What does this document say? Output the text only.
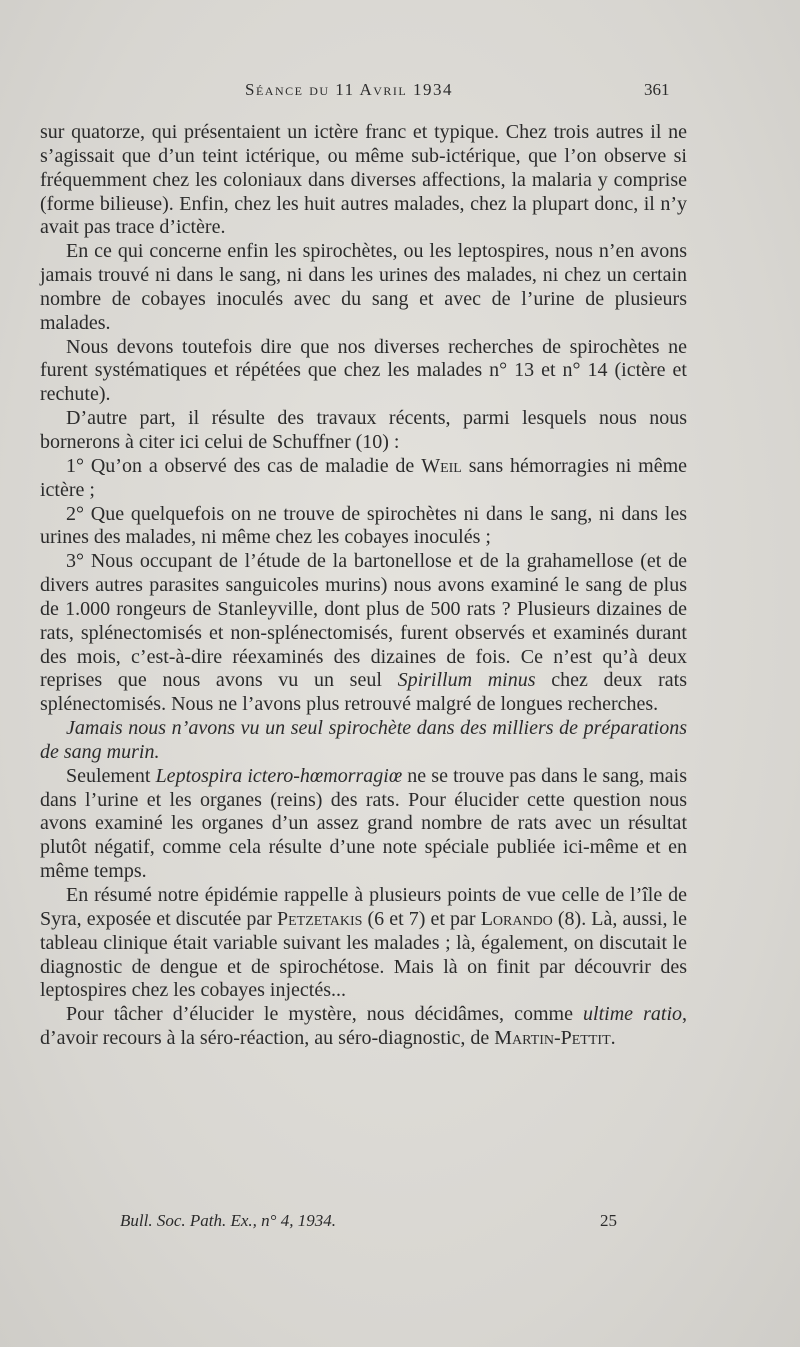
Séance du 11 Avril 1934	361

sur quatorze, qui présentaient un ictère franc et typique. Chez trois autres il ne s’agissait que d’un teint ictérique, ou même sub-ictérique, que l’on observe si fréquemment chez les coloniaux dans diverses affections, la malaria y comprise (forme bilieuse). Enfin, chez les huit autres malades, chez la plupart donc, il n’y avait pas trace d’ictère.

En ce qui concerne enfin les spirochètes, ou les leptospires, nous n’en avons jamais trouvé ni dans le sang, ni dans les urines des malades, ni chez un certain nombre de cobayes inoculés avec du sang et avec de l’urine de plusieurs malades.

Nous devons toutefois dire que nos diverses recherches de spirochètes ne furent systématiques et répétées que chez les malades n° 13 et n° 14 (ictère et rechute).

D’autre part, il résulte des travaux récents, parmi lesquels nous nous bornerons à citer ici celui de Schuffner (10) :

1° Qu’on a observé des cas de maladie de Weil sans hémorragies ni même ictère ;

2° Que quelquefois on ne trouve de spirochètes ni dans le sang, ni dans les urines des malades, ni même chez les cobayes inoculés ;

3° Nous occupant de l’étude de la bartonellose et de la grahamellose (et de divers autres parasites sanguicoles murins) nous avons examiné le sang de plus de 1.000 rongeurs de Stanleyville, dont plus de 500 rats ? Plusieurs dizaines de rats, splénectomisés et non-splénectomisés, furent observés et examinés durant des mois, c’est-à-dire réexaminés des dizaines de fois. Ce n’est qu’à deux reprises que nous avons vu un seul Spirillum minus chez deux rats splénectomisés. Nous ne l’avons plus retrouvé malgré de longues recherches.

Jamais nous n’avons vu un seul spirochète dans des milliers de préparations de sang murin.

Seulement Leptospira ictero-hœmorragiœ ne se trouve pas dans le sang, mais dans l’urine et les organes (reins) des rats. Pour élucider cette question nous avons examiné les organes d’un assez grand nombre de rats avec un résultat plutôt négatif, comme cela résulte d’une note spéciale publiée ici-même et en même temps.

En résumé notre épidémie rappelle à plusieurs points de vue celle de l’île de Syra, exposée et discutée par Petzetakis (6 et 7) et par Lorando (8). Là, aussi, le tableau clinique était variable suivant les malades ; là, également, on discutait le diagnostic de dengue et de spirochétose. Mais là on finit par découvrir des leptospires chez les cobayes injectés...

Pour tâcher d’élucider le mystère, nous décidâmes, comme ultime ratio, d’avoir recours à la séro-réaction, au séro-diagnostic, de Martin-Pettit.

Bull. Soc. Path. Ex., n° 4, 1934.	25
